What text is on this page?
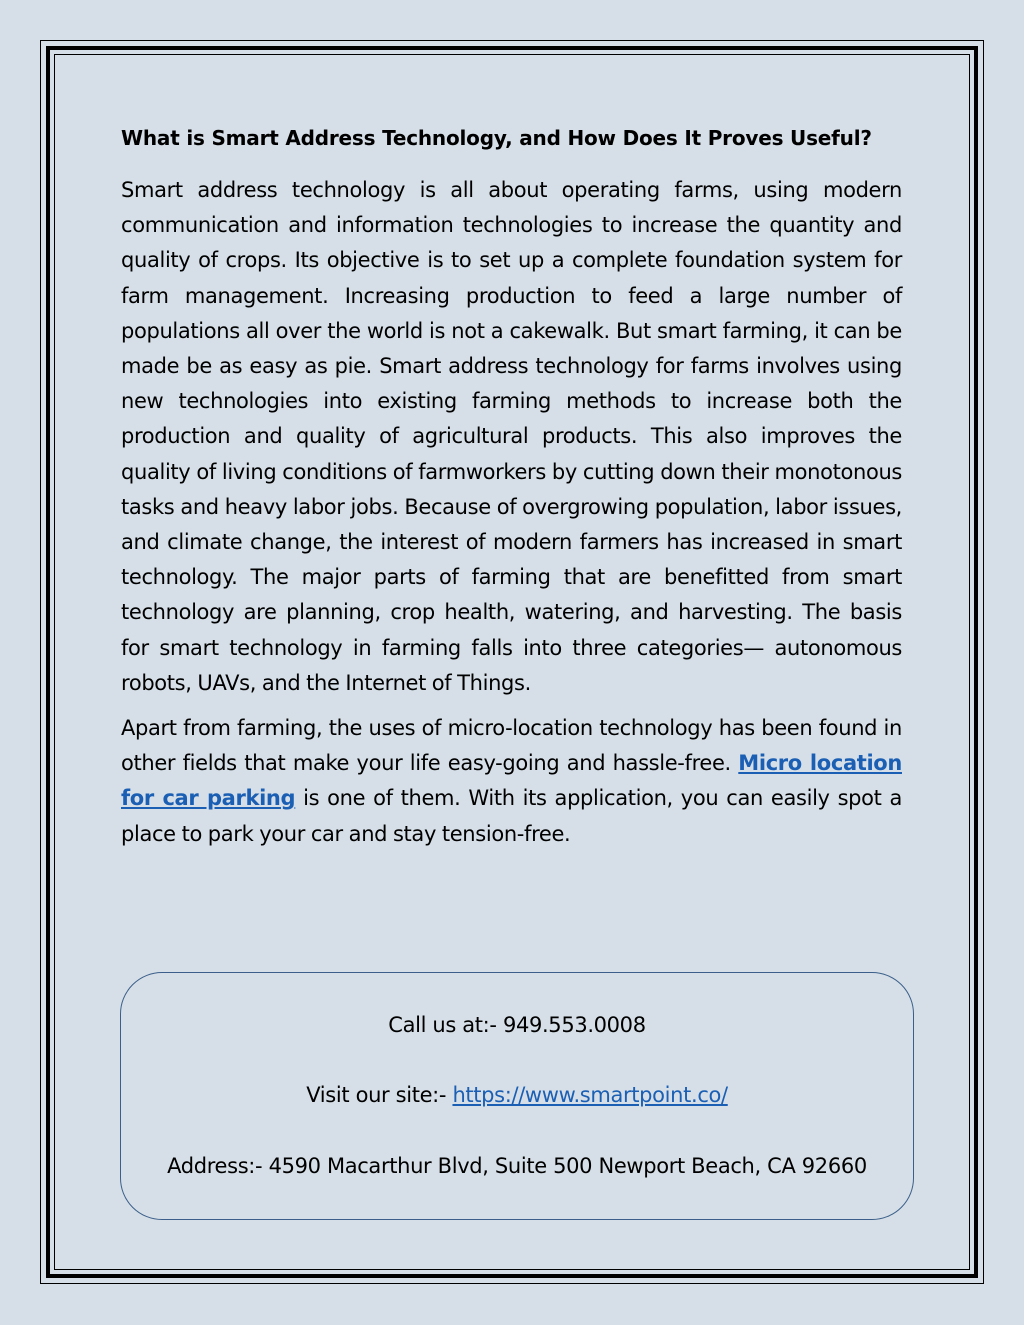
What is Smart Address Technology, and How Does It Proves Useful?

Smart address technology is all about operating farms, using modern communication and information technologies to increase the quantity and quality of crops. Its objective is to set up a complete foundation system for farm management. Increasing production to feed a large number of populations all over the world is not a cakewalk. But smart farming, it can be made be as easy as pie. Smart address technology for farms involves using new technologies into existing farming methods to increase both the production and quality of agricultural products. This also improves the quality of living conditions of farmworkers by cutting down their monotonous tasks and heavy labor jobs. Because of overgrowing population, labor issues, and climate change, the interest of modern farmers has increased in smart technology. The major parts of farming that are benefitted from smart technology are planning, crop health, watering, and harvesting. The basis for smart technology in farming falls into three categories— autonomous robots, UAVs, and the Internet of Things.

Apart from farming, the uses of micro-location technology has been found in other fields that make your life easy-going and hassle-free. Micro location for car parking is one of them. With its application, you can easily spot a place to park your car and stay tension-free.

Call us at:- 949.553.0008
Visit our site:- https://www.smartpoint.co/
Address:- 4590 Macarthur Blvd, Suite 500 Newport Beach, CA 92660
